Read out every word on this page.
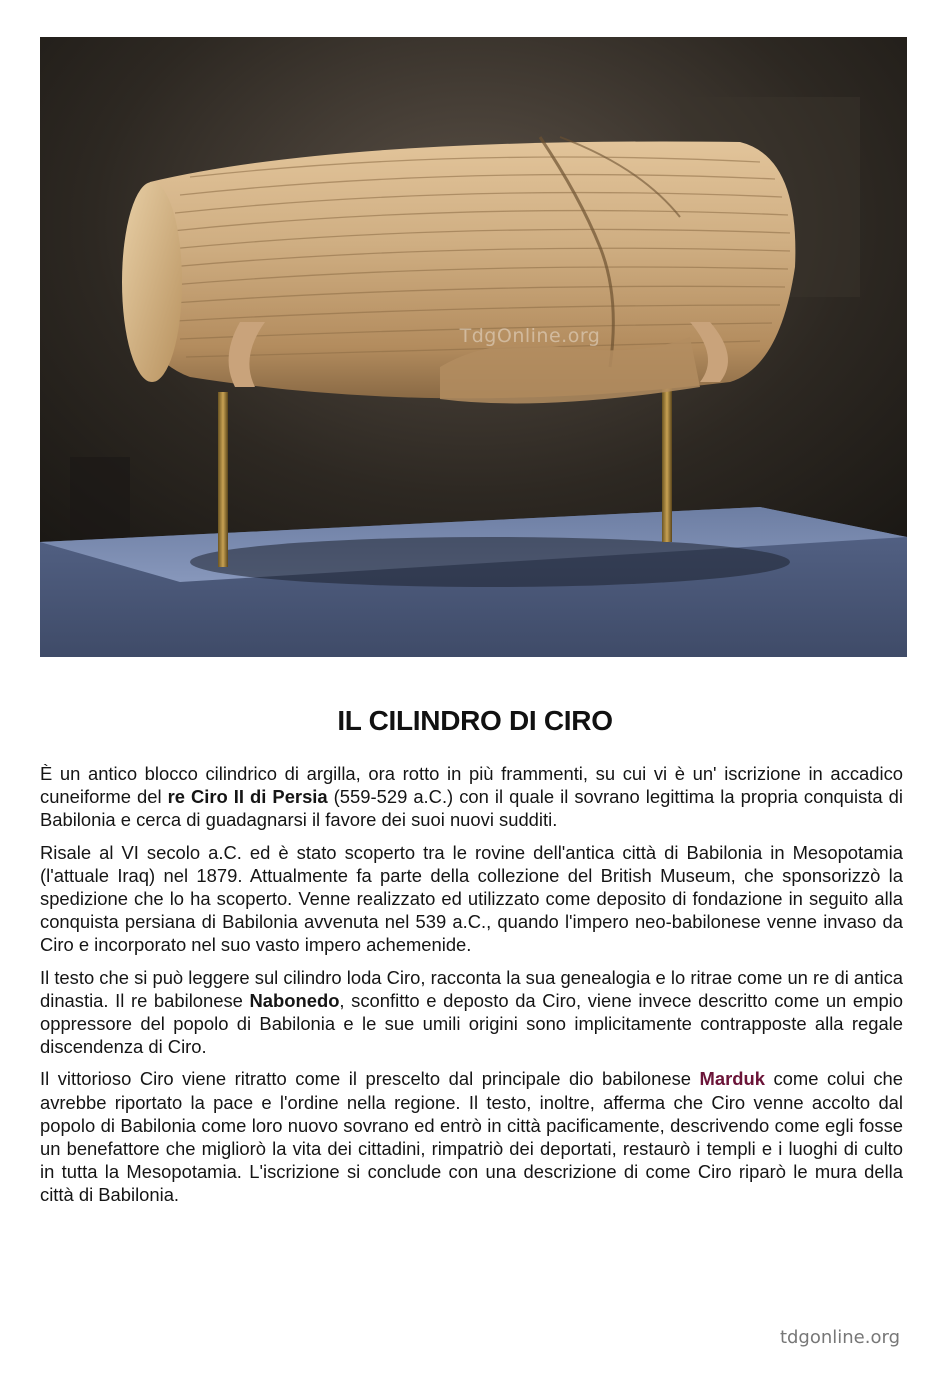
TdgOnline.org
IL CILINDRO DI CIRO

È un antico blocco cilindrico di argilla, ora rotto in più frammenti, su cui vi è un' iscrizione in accadico cuneiforme del re Ciro II di Persia (559-529 a.C.) con il quale il sovrano legittima la propria conquista di Babilonia e cerca di guadagnarsi il favore dei suoi nuovi sudditi.

Risale al VI secolo a.C. ed è stato scoperto tra le rovine dell'antica città di Babilonia in Mesopotamia (l'attuale Iraq) nel 1879. Attualmente fa parte della collezione del British Museum, che sponsorizzò la spedizione che lo ha scoperto. Venne realizzato ed utilizzato come deposito di fondazione in seguito alla conquista persiana di Babilonia avvenuta nel 539 a.C., quando l'impero neo-babilonese venne invaso da Ciro e incorporato nel suo vasto impero achemenide.

Il testo che si può leggere sul cilindro loda Ciro, racconta la sua genealogia e lo ritrae come un re di antica dinastia. Il re babilonese Nabonedo, sconfitto e deposto da Ciro, viene invece descritto come un empio oppressore del popolo di Babilonia e le sue umili origini sono implicitamente contrapposte alla regale discendenza di Ciro.

Il vittorioso Ciro viene ritratto come il prescelto dal principale dio babilonese Marduk come colui che avrebbe riportato la pace e l'ordine nella regione. Il testo, inoltre, afferma che Ciro venne accolto dal popolo di Babilonia come loro nuovo sovrano ed entrò in città pacificamente, descrivendo come egli fosse un benefattore che migliorò la vita dei cittadini, rimpatriò dei deportati, restaurò i templi e i luoghi di culto in tutta la Mesopotamia. L'iscrizione si conclude con una descrizione di come Ciro riparò le mura della città di Babilonia.

tdgonline.org
